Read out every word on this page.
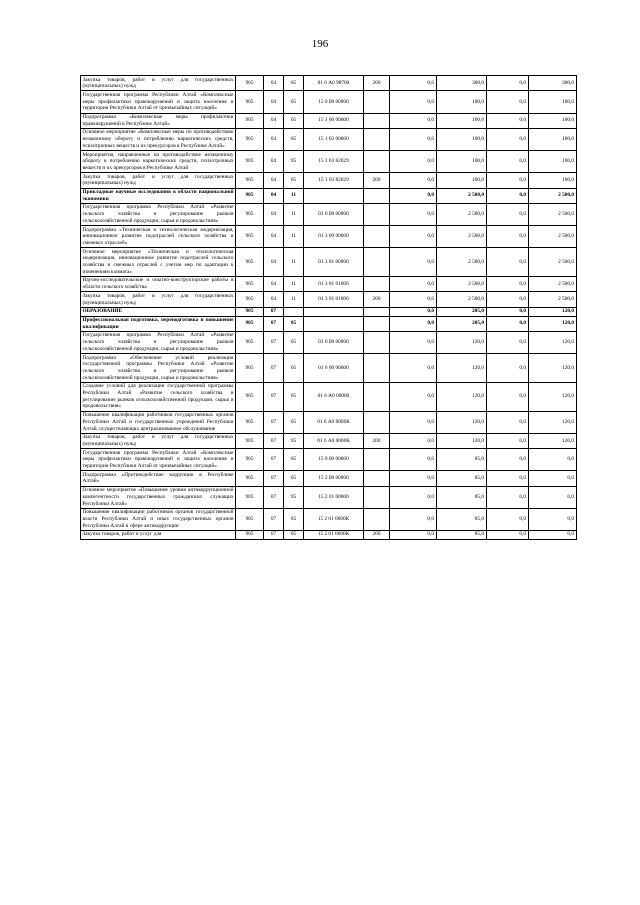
196
Закупка товаров, работ и услуг для государственных (муниципальных) нужд	905	04	05	01 6 А0 98700	200	0,0	300,0	0,0	300,0
Государственная программа Республики Алтай «Комплексные меры профилактики правонарушений и защита населения и территории Республики Алтай от чрезвычайных ситуаций»	905	04	05	15 0 00 00000		0,0	100,0	0,0	100,0
Подпрограмма «Комплексные меры профилактики правонарушений в Республике Алтай»	905	04	05	15 1 00 00000		0,0	100,0	0,0	100,0
Основное мероприятие «Комплексные меры по противодействию незаконному обороту и потреблению наркотических средств, психотропных веществ и их прекурсоров в Республике Алтай»	905	04	05	15 1 03 00000		0,0	100,0	0,0	100,0
Мероприятия, направленные на противодействие незаконному обороту и потреблению наркотических средств, психотропных веществ и их прекурсоров в Республике Алтай	905	04	05	15 1 03 82029		0,0	100,0	0,0	100,0
Закупка товаров, работ и услуг для государственных (муниципальных) нужд	905	04	05	15 1 03 82029	200	0,0	100,0	0,0	100,0
Прикладные научные исследования в области национальной экономики	905	04	11			0,0	2 500,0	0,0	2 500,0
Государственная программа Республики Алтай «Развитие сельского хозяйства и регулирование рынков сельскохозяйственной продукции, сырья и продовольствия»	905	04	11	01 0 00 00000		0,0	2 500,0	0,0	2 500,0
Подпрограмма «Техническая и технологическая модернизация, инновационное развитие подотраслей сельского хозяйства и смежных отраслей»	905	04	11	01 3 00 00000		0,0	2 500,0	0,0	2 500,0
Основное мероприятие «Техническая и технологическая модернизация, инновационное развитие подотраслей сельского хозяйства и смежных отраслей с учетом мер по адаптации к изменениям климата»	905	04	11	01 3 01 00000		0,0	2 500,0	0,0	2 500,0
Научно-исследовательские и опытно-конструкторские работы в области сельского хозяйства	905	04	11	01 3 01 01006		0,0	2 500,0	0,0	2 500,0
Закупка товаров, работ и услуг для государственных (муниципальных) нужд	905	04	11	01 3 01 01006	200	0,0	2 500,0	0,0	2 500,0
ОБРАЗОВАНИЕ	905	07				0,0	205,0	0,0	120,0
Профессиональная подготовка, переподготовка и повышение квалификации	905	07	05			0,0	205,0	0,0	120,0
Государственная программа Республики Алтай «Развитие сельского хозяйства и регулирование рынков сельскохозяйственной продукции, сырья и продовольствия»	905	07	05	01 0 00 00000		0,0	120,0	0,0	120,0
Подпрограмма «Обеспечение условий реализации государственной программы Республики Алтай «Развитие сельского хозяйства и регулирование рынков сельскохозяйственной продукции, сырья и продовольствия»	905	07	05	01 6 00 00000		0,0	120,0	0,0	120,0
Создание условий для реализации государственной программы Республики Алтай «Развитие сельского хозяйства и регулирование рынков сельскохозяйственной продукции, сырья и продовольствия»	905	07	05	01 6 А0 00000		0,0	120,0	0,0	120,0
Повышение квалификации работников государственных органов Республики Алтай и государственных учреждений Республики Алтай, осуществляющих централизованное обслуживание	905	07	05	01 6 А0 0000К		0,0	120,0	0,0	120,0
Закупка товаров, работ и услуг для государственных (муниципальных) нужд	905	07	05	01 6 А0 0000К	200	0,0	120,0	0,0	120,0
Государственная программа Республики Алтай «Комплексные меры профилактики правонарушений и защита населения и территории Республики Алтай от чрезвычайных ситуаций»	905	07	05	15 0 00 00000		0,0	85,0	0,0	0,0
Подпрограмма «Противодействие коррупции в Республике Алтай»	905	07	05	15 2 00 00000		0,0	85,0	0,0	0,0
Основное мероприятие «Повышение уровня антикоррупционной компетентности государственных гражданских служащих Республики Алтай»	905	07	05	15 2 01 00000		0,0	85,0	0,0	0,0
Повышение квалификации работников органов государственной власти Республики Алтай и иных государственных органов Республики Алтай в сфере антикоррупции	905	07	05	15 2 01 0000К		0,0	85,0	0,0	0,0
Закупка товаров, работ и услуг для	905	07	05	15 2 01 0000К	200	0,0	85,0	0,0	0,0
